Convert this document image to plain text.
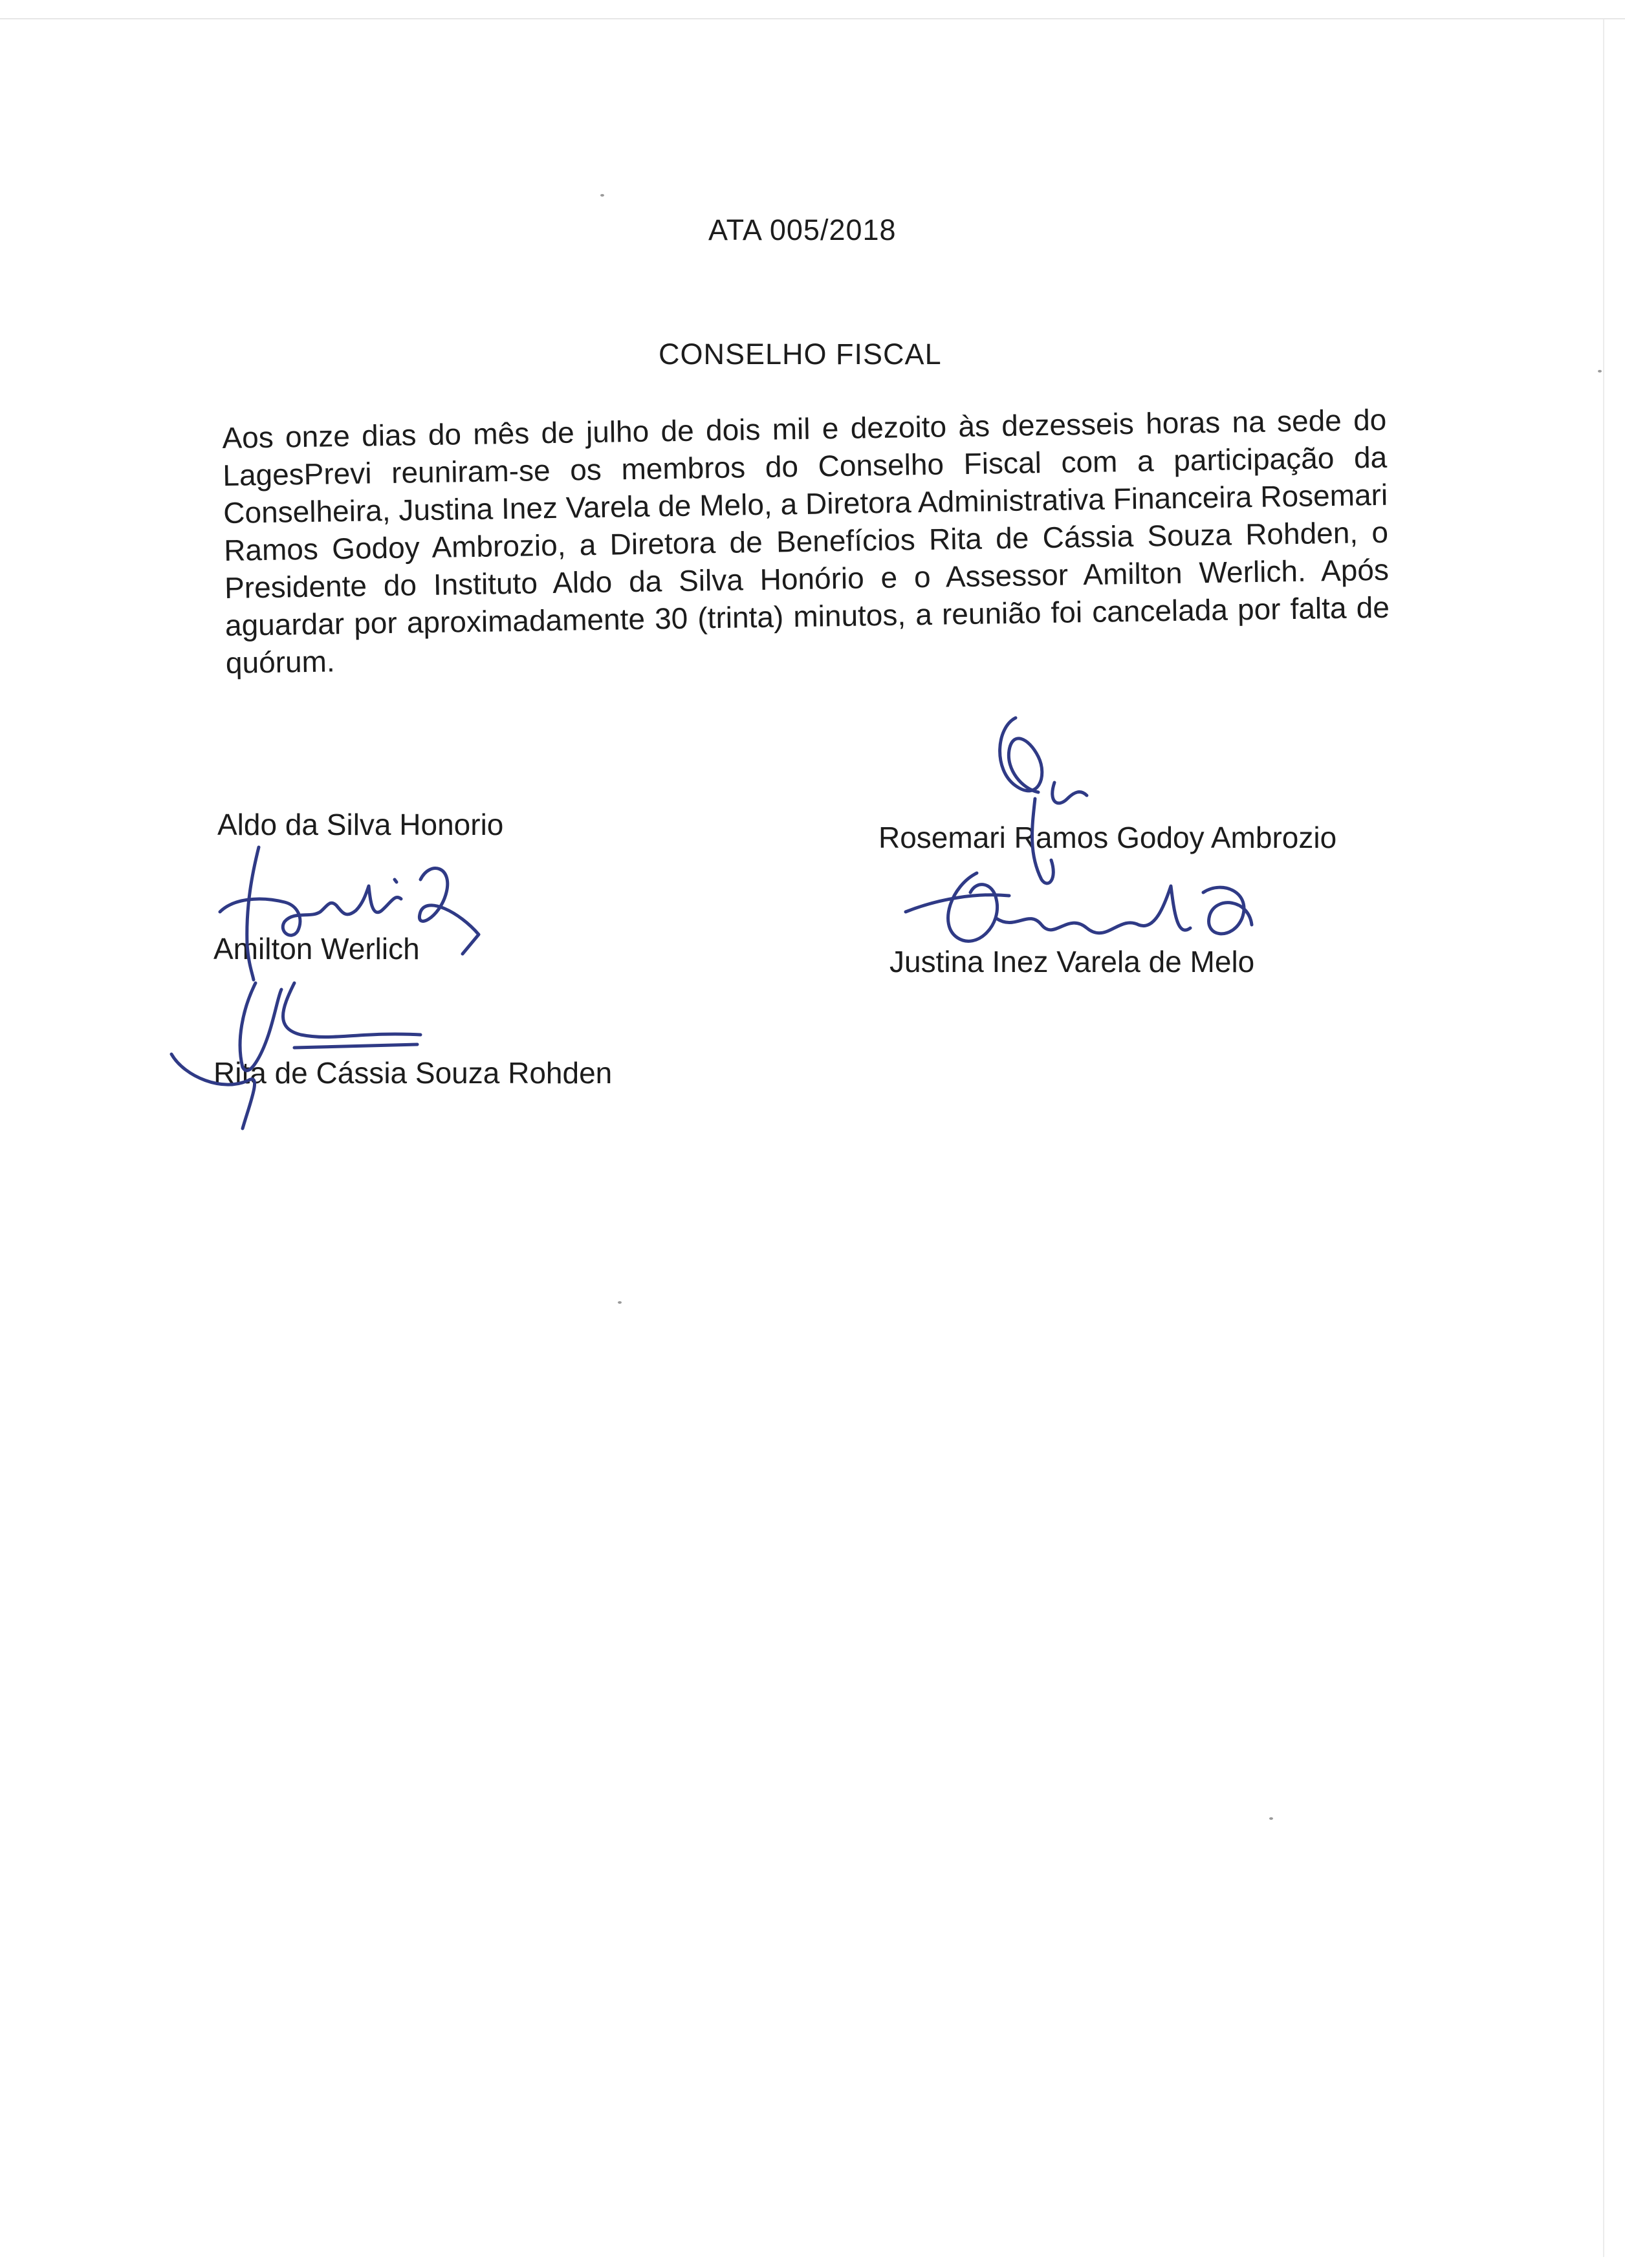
ATA 005/2018
CONSELHO FISCAL
Aos onze dias do mês de julho de dois mil e dezoito às dezesseis horas na sede do LagesPrevi reuniram-se os membros do Conselho Fiscal com a participação da Conselheira, Justina Inez Varela de Melo, a Diretora Administrativa Financeira Rosemari Ramos Godoy Ambrozio, a Diretora de Benefícios Rita de Cássia Souza Rohden, o Presidente do Instituto Aldo da Silva Honório e o Assessor Amilton Werlich. Após aguardar por aproximadamente 30 (trinta) minutos, a reunião foi cancelada por falta de quórum.
Aldo da Silva Honorio
Amilton Werlich
Rita de Cássia Souza Rohden
Rosemari Ramos Godoy Ambrozio
Justina Inez Varela de Melo
